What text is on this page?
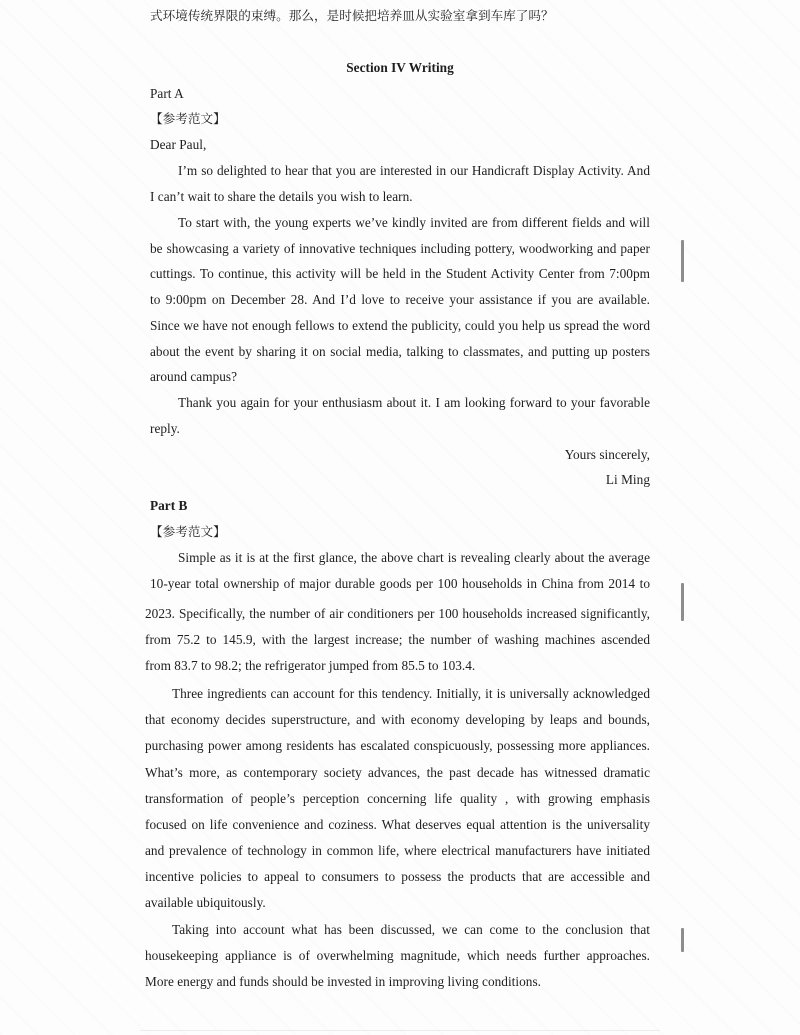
式环境传统界限的束缚。那么，是时候把培养皿从实验室拿到车库了吗？
Section IV Writing
Part A
【参考范文】
Dear Paul,
I’m so delighted to hear that you are interested in our Handicraft Display Activity. And
I can’t wait to share the details you wish to learn.
To start with, the young experts we’ve kindly invited are from different fields and will
be showcasing a variety of innovative techniques including pottery, woodworking and paper
cuttings. To continue, this activity will be held in the Student Activity Center from 7:00pm
to 9:00pm on December 28. And I’d love to receive your assistance if you are available.
Since we have not enough fellows to extend the publicity, could you help us spread the word
about the event by sharing it on social media, talking to classmates, and putting up posters
around campus?
Thank you again for your enthusiasm about it. I am looking forward to your favorable
reply.
Yours sincerely,
Li Ming
Part B
【参考范文】
Simple as it is at the first glance, the above chart is revealing clearly about the average
10-year total ownership of major durable goods per 100 households in China from 2014 to
2023. Specifically, the number of air conditioners per 100 households increased significantly,
from 75.2 to 145.9, with the largest increase; the number of washing machines ascended
from 83.7 to 98.2; the refrigerator jumped from 85.5 to 103.4.
Three ingredients can account for this tendency. Initially, it is universally acknowledged
that economy decides superstructure, and with economy developing by leaps and bounds,
purchasing power among residents has escalated conspicuously, possessing more appliances.
What’s more, as contemporary society advances, the past decade has witnessed dramatic
transformation of people’s perception concerning life quality , with growing emphasis
focused on life convenience and coziness. What deserves equal attention is the universality
and prevalence of technology in common life, where electrical manufacturers have initiated
incentive policies to appeal to consumers to possess the products that are accessible and
available ubiquitously.
Taking into account what has been discussed, we can come to the conclusion that
housekeeping appliance is of overwhelming magnitude, which needs further approaches.
More energy and funds should be invested in improving living conditions.
